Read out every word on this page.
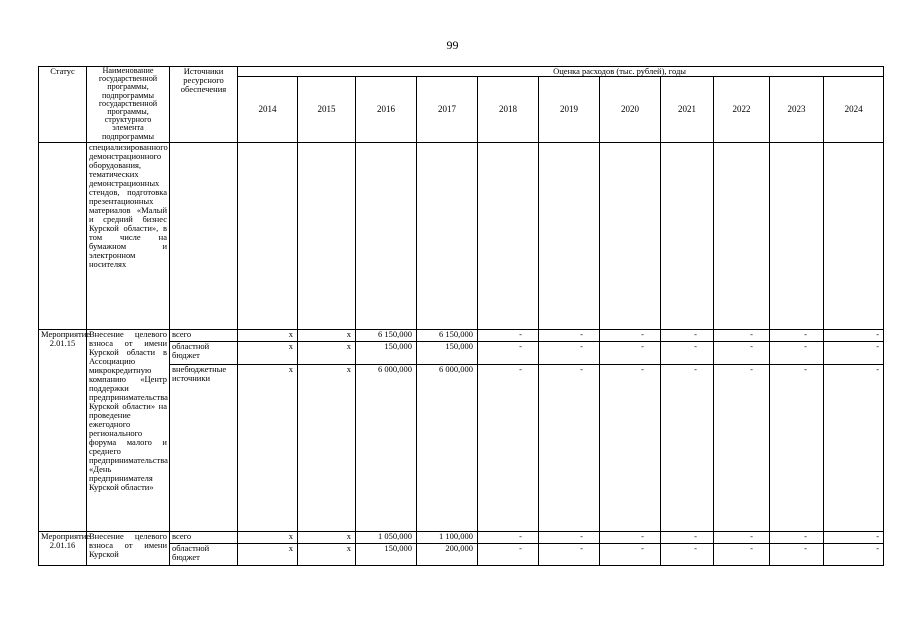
99
Статус	Наименование государственной программы, подпрограммы государственной программы, структурного элемента подпрограммы	Источники ресурсного обеспечения	Оценка расходов (тыс. рублей), годы											
			2014	2015	2016	2017	2018	2019	2020	2021	2022	2023	2024	
	специализированного демонстрационного оборудования, тематических демонстрационных стендов, подготовка презентационных материалов «Малый и средний бизнес Курской области», в том числе на бумажном и электронном носителях													
Мероприятие 2.01.15	Внесение целевого взноса от имени Курской области в Ассоциацию микрокредитную компанию «Центр поддержки предпринимательства Курской области» на проведение ежегодного регионального форума малого и среднего предпринимательства «День предпринимателя Курской области»	всего	x	x	6 150,000	6 150,000	-	-	-	-	-	-	-	
		областной бюджет	x	x	150,000	150,000	-	-	-	-	-	-	-	
		внебюджетные источники	x	x	6 000,000	6 000,000	-	-	-	-	-	-	-	
Мероприятие 2.01.16	Внесение целевого взноса от имени Курской	всего	x	x	1 050,000	1 100,000	-	-	-	-	-	-	-	
		областной бюджет	x	x	150,000	200,000	-	-	-	-	-	-	-	
